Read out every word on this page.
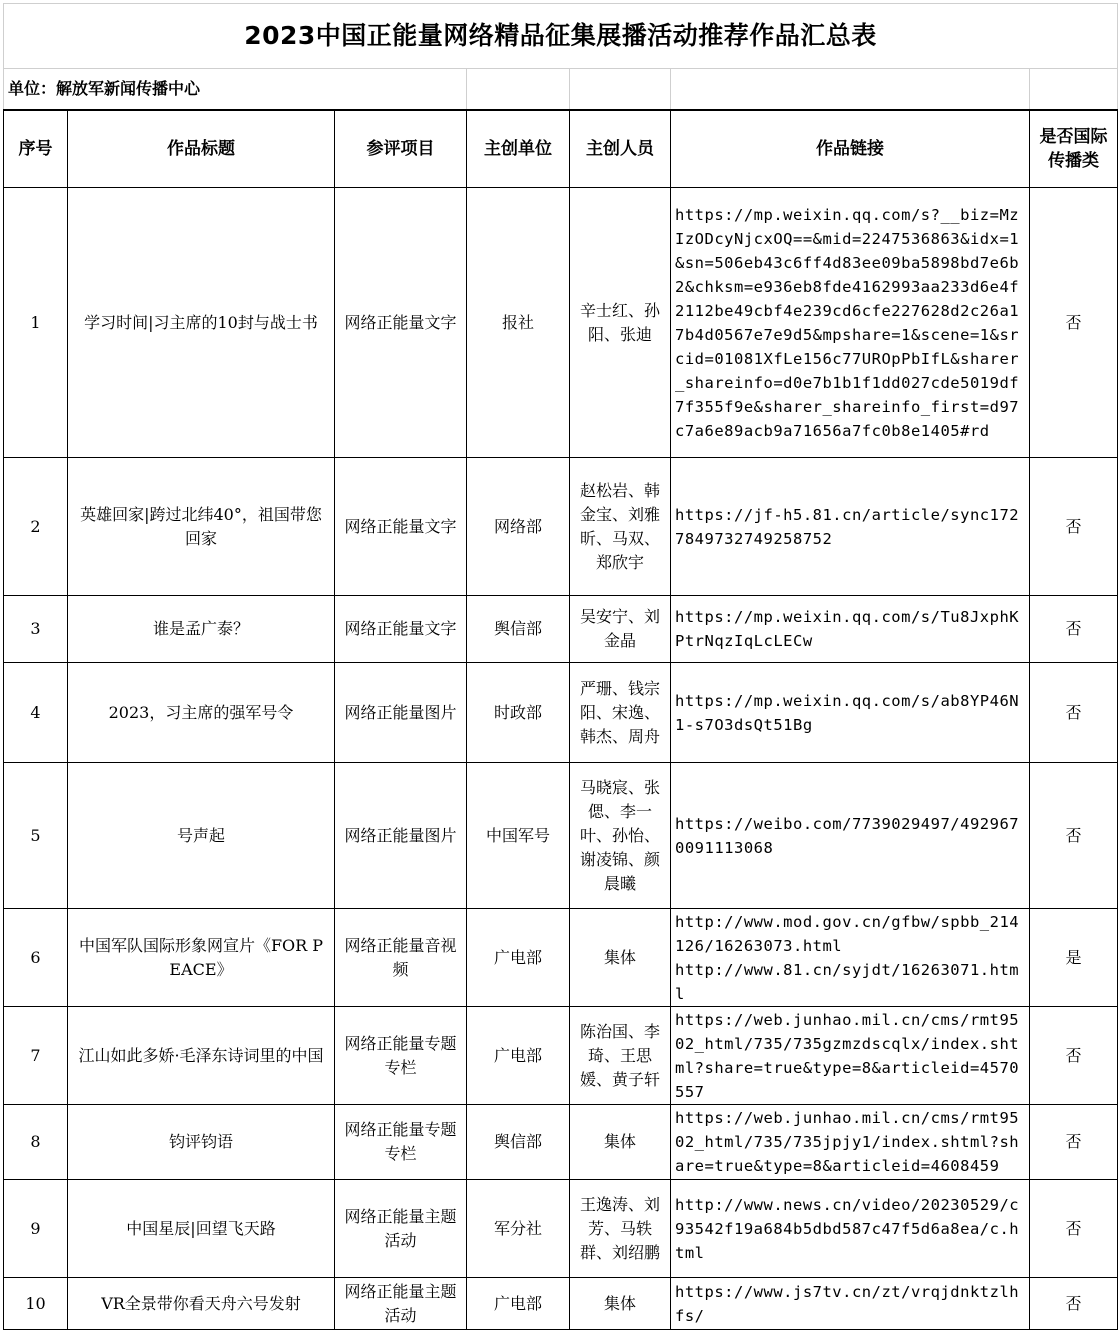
2023中国正能量网络精品征集展播活动推荐作品汇总表						
单位：解放军新闻传播中心						
序号	作品标题	参评项目	主创单位	主创人员	作品链接	是否国际传播类
1	学习时间|习主席的10封与战士书	网络正能量文字	报社	辛士红、孙阳、张迪	https://mp.weixin.qq.com/s?__biz=MzIzODcyNjcxOQ==&mid=2247536863&idx=1&sn=506eb43c6ff4d83ee09ba5898bd7e6b2&chksm=e936eb8fde4162993aa233d6e4f2112be49cbf4e239cd6cfe227628d2c26a17b4d0567e7e9d5&mpshare=1&scene=1&srcid=01081XfLe156c77UROpPbIfL&sharer_shareinfo=d0e7b1b1f1dd027cde5019df7f355f9e&sharer_shareinfo_first=d97c7a6e89acb9a71656a7fc0b8e1405#rd	否
2	英雄回家|跨过北纬40°，祖国带您回家	网络正能量文字	网络部	赵松岩、韩金宝、刘雅昕、马双、郑欣宇	https://jf-h5.81.cn/article/sync1727849732749258752	否
3	谁是孟广泰？	网络正能量文字	舆信部	吴安宁、刘金晶	https://mp.weixin.qq.com/s/Tu8JxphKPtrNqzIqLcLECw	否
4	2023，习主席的强军号令	网络正能量图片	时政部	严珊、钱宗阳、宋逸、韩杰、周舟	https://mp.weixin.qq.com/s/ab8YP46N1-s7O3dsQt51Bg	否
5	号声起	网络正能量图片	中国军号	马晓宸、张偲、李一叶、孙怡、谢凌锦、颜晨曦	https://weibo.com/7739029497/4929670091113068	否
6	中国军队国际形象网宣片《FOR PEACE》	网络正能量音视频	广电部	集体	http://www.mod.gov.cn/gfbw/spbb_214126/16263073.html
http://www.81.cn/syjdt/16263071.html	是
7	江山如此多娇·毛泽东诗词里的中国	网络正能量专题专栏	广电部	陈治国、李琦、王思媛、黄子轩	https://web.junhao.mil.cn/cms/rmt9502_html/735/735gzmzdscqlx/index.shtml?share=true&type=8&articleid=4570557	否
8	钧评钧语	网络正能量专题专栏	舆信部	集体	https://web.junhao.mil.cn/cms/rmt9502_html/735/735jpjy1/index.shtml?share=true&type=8&articleid=4608459	否
9	中国星辰|回望飞天路	网络正能量主题活动	军分社	王逸涛、刘芳、马轶群、刘绍鹏	http://www.news.cn/video/20230529/c93542f19a684b5dbd587c47f5d6a8ea/c.html	否
10	VR全景带你看天舟六号发射	网络正能量主题活动	广电部	集体	https://www.js7tv.cn/zt/vrqjdnktzlhfs/	否
